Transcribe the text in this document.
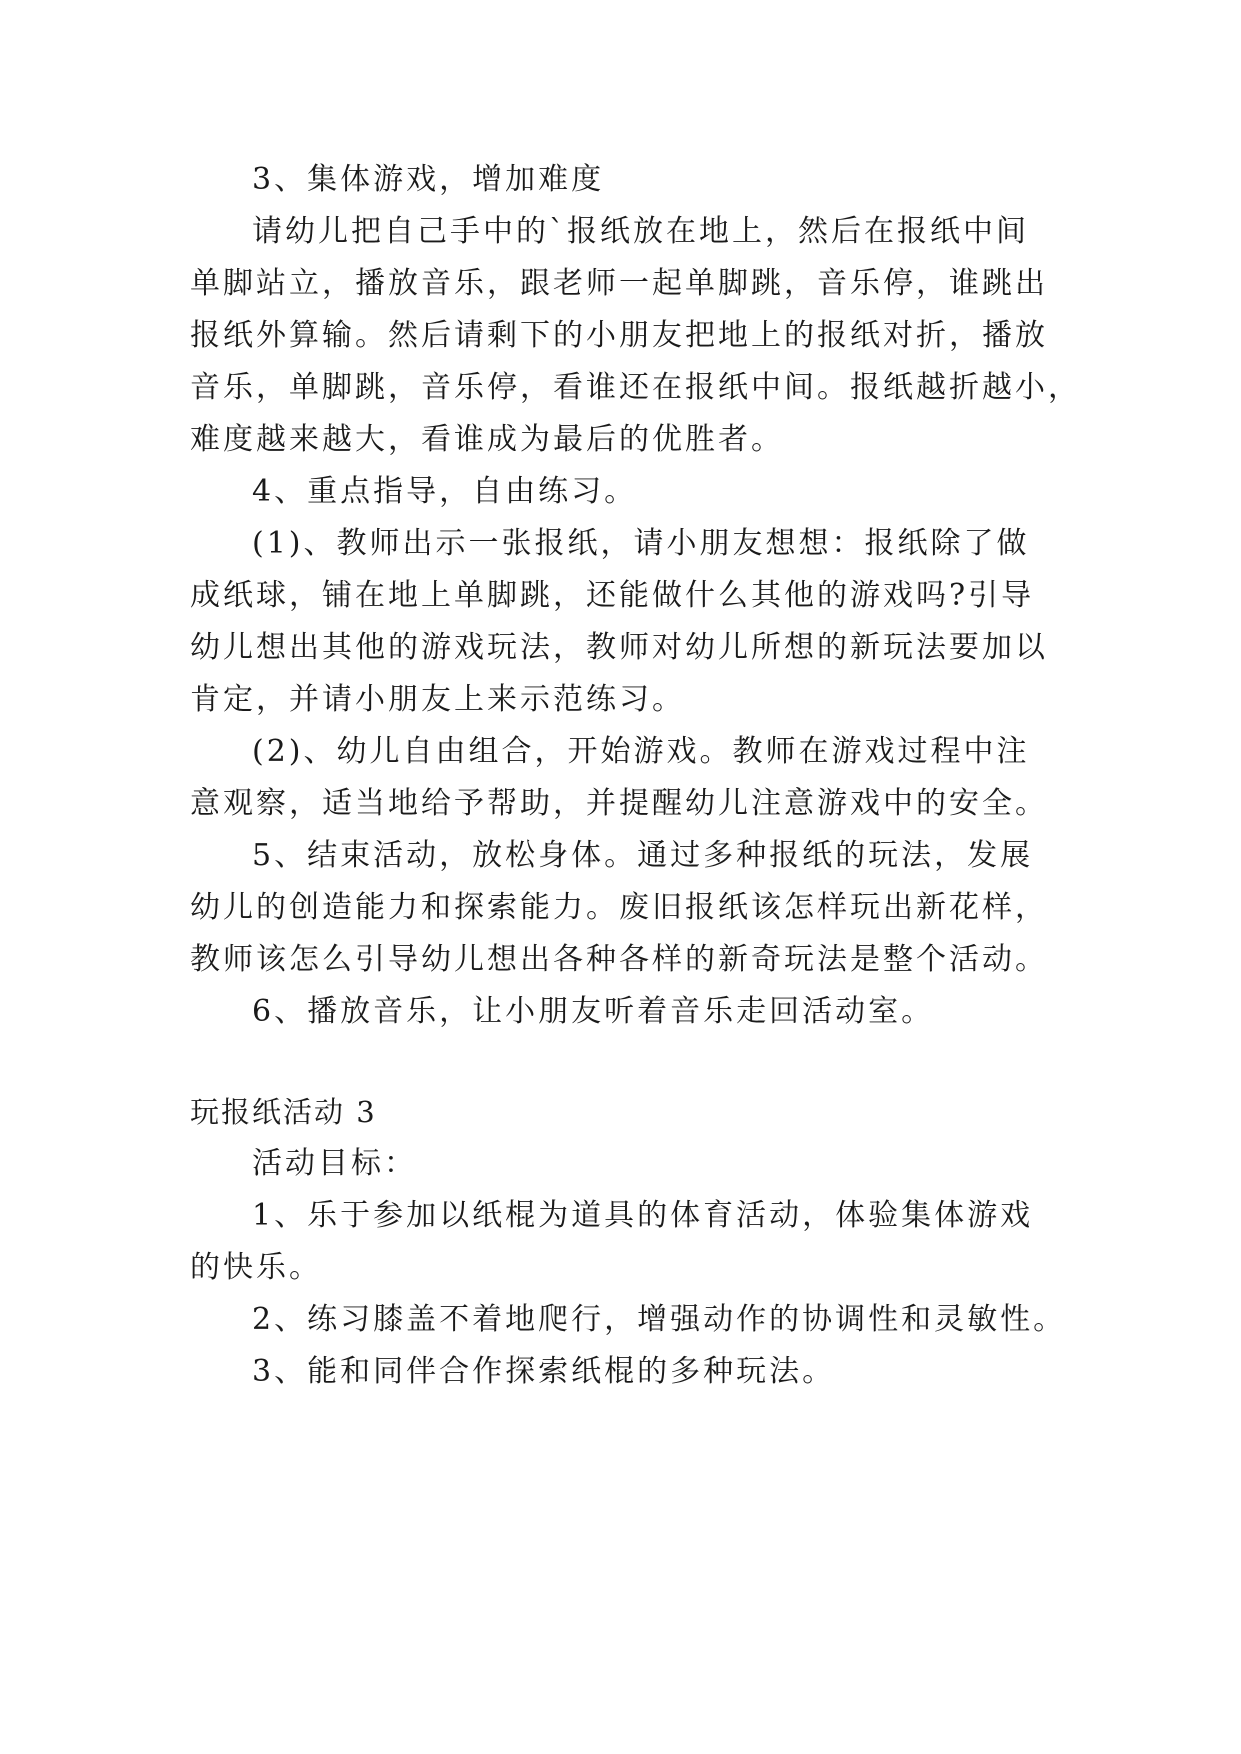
3、集体游戏，增加难度
请幼儿把自己手中的`报纸放在地上，然后在报纸中间
单脚站立，播放音乐，跟老师一起单脚跳，音乐停，谁跳出
报纸外算输。然后请剩下的小朋友把地上的报纸对折，播放
音乐，单脚跳，音乐停，看谁还在报纸中间。报纸越折越小，
难度越来越大，看谁成为最后的优胜者。
4、重点指导，自由练习。
(1)、教师出示一张报纸，请小朋友想想：报纸除了做
成纸球，铺在地上单脚跳，还能做什么其他的游戏吗?引导
幼儿想出其他的游戏玩法，教师对幼儿所想的新玩法要加以
肯定，并请小朋友上来示范练习。
(2)、幼儿自由组合，开始游戏。教师在游戏过程中注
意观察，适当地给予帮助，并提醒幼儿注意游戏中的安全。
5、结束活动，放松身体。通过多种报纸的玩法，发展
幼儿的创造能力和探索能力。废旧报纸该怎样玩出新花样，
教师该怎么引导幼儿想出各种各样的新奇玩法是整个活动。
6、播放音乐，让小朋友听着音乐走回活动室。
玩报纸活动 3
活动目标：
1、乐于参加以纸棍为道具的体育活动，体验集体游戏
的快乐。
2、练习膝盖不着地爬行，增强动作的协调性和灵敏性。
3、能和同伴合作探索纸棍的多种玩法。
